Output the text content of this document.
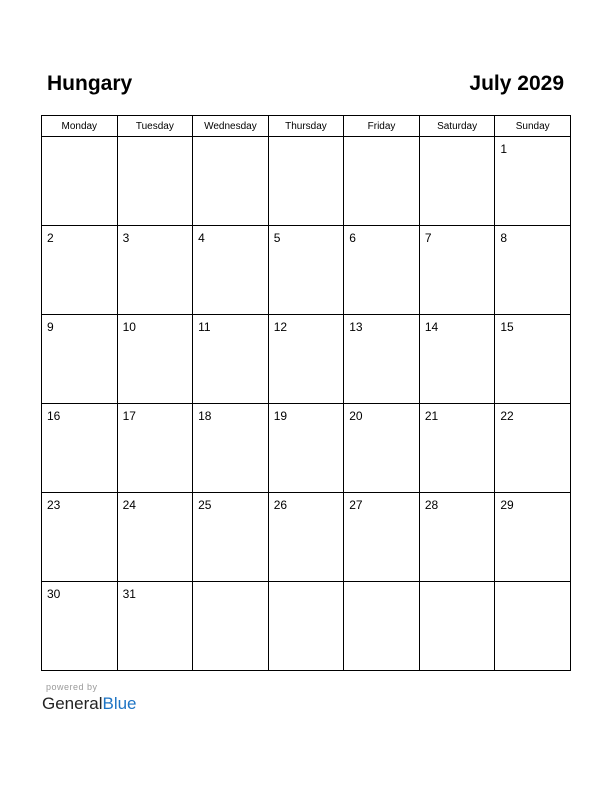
Hungary	July 2029
Monday	Tuesday	Wednesday	Thursday	Friday	Saturday	Sunday

						1

2	3	4	5	6	7	8

9	10	11	12	13	14	15

16	17	18	19	20	21	22

23	24	25	26	27	28	29

30	31					

powered by
GeneralBlue
